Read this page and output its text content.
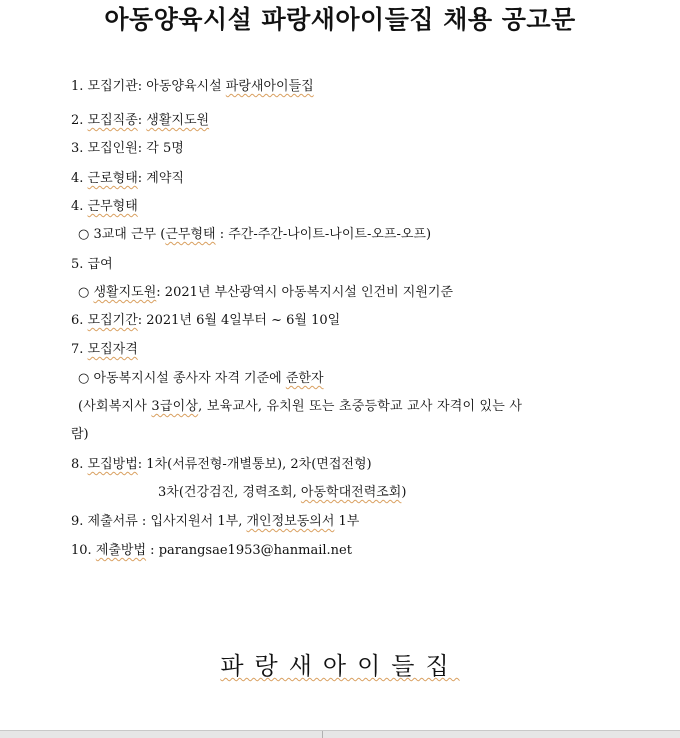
아동양육시설 파랑새아이들집 채용 공고문
1. 모집기관: 아동양육시설 파랑새아이들집
2. 모집직종: 생활지도원
3. 모집인원: 각 5명
4. 근로형태: 계약직
4. 근무형태
○ 3교대 근무 (근무형태 : 주간-주간-나이트-나이트-오프-오프)
5. 급여
○ 생활지도원: 2021년 부산광역시 아동복지시설 인건비 지원기준
6. 모집기간: 2021년 6월 4일부터 ~ 6월 10일
7. 모집자격
○ 아동복지시설 종사자 자격 기준에 준한자
(사회복지사 3급이상, 보육교사, 유치원 또는 초중등학교 교사 자격이 있는 사
람)
8. 모집방법: 1차(서류전형-개별통보), 2차(면접전형)
3차(건강검진, 경력조회, 아동학대전력조회)
9. 제출서류 : 입사지원서 1부, 개인정보동의서 1부
10. 제출방법 : parangsae1953@hanmail.net
파랑새아이들집
